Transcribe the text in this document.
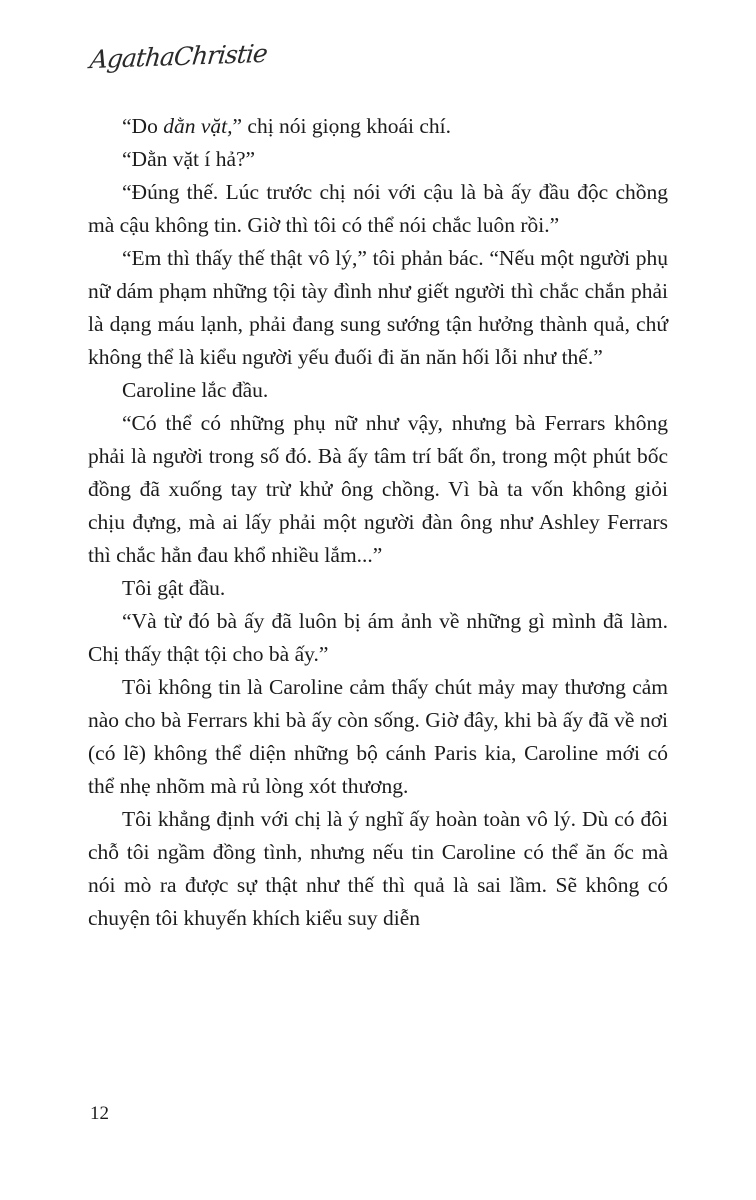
AgathaChristie

“Do dằn vặt,” chị nói giọng khoái chí.

“Dằn vặt í hả?”

“Đúng thế. Lúc trước chị nói với cậu là bà ấy đầu độc chồng mà cậu không tin. Giờ thì tôi có thể nói chắc luôn rồi.”

“Em thì thấy thế thật vô lý,” tôi phản bác. “Nếu một người phụ nữ dám phạm những tội tày đình như giết người thì chắc chắn phải là dạng máu lạnh, phải đang sung sướng tận hưởng thành quả, chứ không thể là kiểu người yếu đuối đi ăn năn hối lỗi như thế.”

Caroline lắc đầu.

“Có thể có những phụ nữ như vậy, nhưng bà Ferrars không phải là người trong số đó. Bà ấy tâm trí bất ổn, trong một phút bốc đồng đã xuống tay trừ khử ông chồng. Vì bà ta vốn không giỏi chịu đựng, mà ai lấy phải một người đàn ông như Ashley Ferrars thì chắc hẳn đau khổ nhiều lắm...”

Tôi gật đầu.

“Và từ đó bà ấy đã luôn bị ám ảnh về những gì mình đã làm. Chị thấy thật tội cho bà ấy.”

Tôi không tin là Caroline cảm thấy chút mảy may thương cảm nào cho bà Ferrars khi bà ấy còn sống. Giờ đây, khi bà ấy đã về nơi (có lẽ) không thể diện những bộ cánh Paris kia, Caroline mới có thể nhẹ nhõm mà rủ lòng xót thương.

Tôi khẳng định với chị là ý nghĩ ấy hoàn toàn vô lý. Dù có đôi chỗ tôi ngầm đồng tình, nhưng nếu tin Caroline có thể ăn ốc mà nói mò ra được sự thật như thế thì quả là sai lầm. Sẽ không có chuyện tôi khuyến khích kiểu suy diễn

12
